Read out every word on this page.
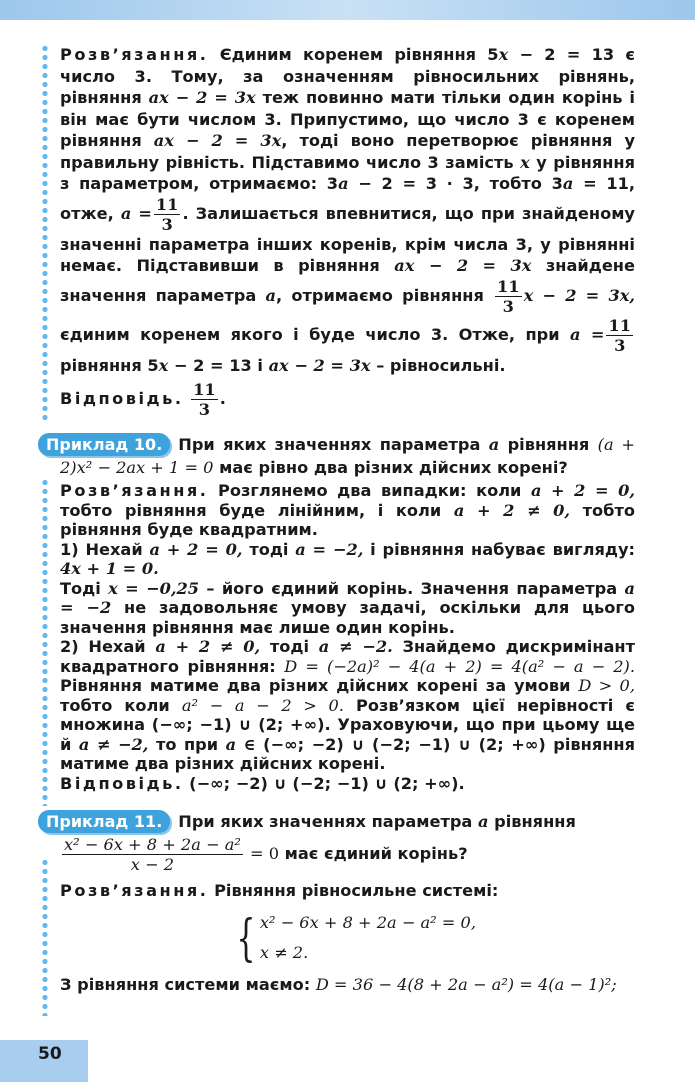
Розв’язання. Єдиним коренем рівняння 5x − 2 = 13 є число 3. Тому, за означенням рівносильних рівнянь, рівняння ax − 2 = 3x теж повинно мати тільки один корінь і він має бути числом 3. Припустимо, що число 3 є коренем рівняння ax − 2 = 3x, тоді воно перетворює рівняння у правильну рівність. Підставимо число 3 замість x у рівняння з параметром, отримаємо: 3a − 2 = 3 · 3, тобто 3a = 11, отже, $a = \frac{11}{3}$ . Залишається впевнитися, що при знайденому значенні параметра інших коренів, крім числа 3, у рівнянні немає. Підставивши в рівняння ax − 2 = 3x знайдене значення параметра a, отримаємо рівняння $\frac{11}{3}$ x − 2 = 3x, єдиним коренем якого і буде число 3. Отже, при $a = \frac{11}{3}$
рівняння 5x − 2 = 13 і ax − 2 = 3x – рівносильні.

Відповідь. $\frac{11}{3}$ .

Приклад 10. При яких значеннях параметра a рівняння (a + 2)x² − 2ax + 1 = 0 має рівно два різних дійсних корені?

Розв’язання. Розглянемо два випадки: коли a + 2 = 0, тобто рівняння буде лінійним, і коли a + 2 ≠ 0, тобто рівняння буде квадратним.

1) Нехай a + 2 = 0, тоді a = −2, і рівняння набуває вигляду: 4x + 1 = 0.

Тоді x = −0,25 – його єдиний корінь. Значення параметра a = −2 не задовольняє умову задачі, оскільки для цього значення рівняння має лише один корінь.

2) Нехай a + 2 ≠ 0, тоді a ≠ −2. Знайдемо дискримінант квадратного рівняння: D = (−2a)² − 4(a + 2) = 4(a² − a − 2). Рівняння матиме два різних дійсних корені за умови D > 0, тобто коли a² − a − 2 > 0. Розв’язком цієї нерівності є множина (−∞; −1) ∪ (2; +∞). Ураховуючи, що при цьому ще й a ≠ −2, то при a ∈ (−∞; −2) ∪ (−2; −1) ∪ (2; +∞) рівняння матиме два різних дійсних корені.

Відповідь. (−∞; −2) ∪ (−2; −1) ∪ (2; +∞).

Приклад 11. При яких значеннях параметра a рівняння

$\frac{\text{x² − 6x + 8 + 2a − a²}}{x - 2} = 0$ має єдиний корінь?

Розв’язання. Рівняння рівносильне системі:

{ x² − 6x + 8 + 2a − a² = 0,
x ≠ 2.

З рівняння системи маємо: D = 36 − 4(8 + 2a − a²) = 4(a − 1)²;

50
